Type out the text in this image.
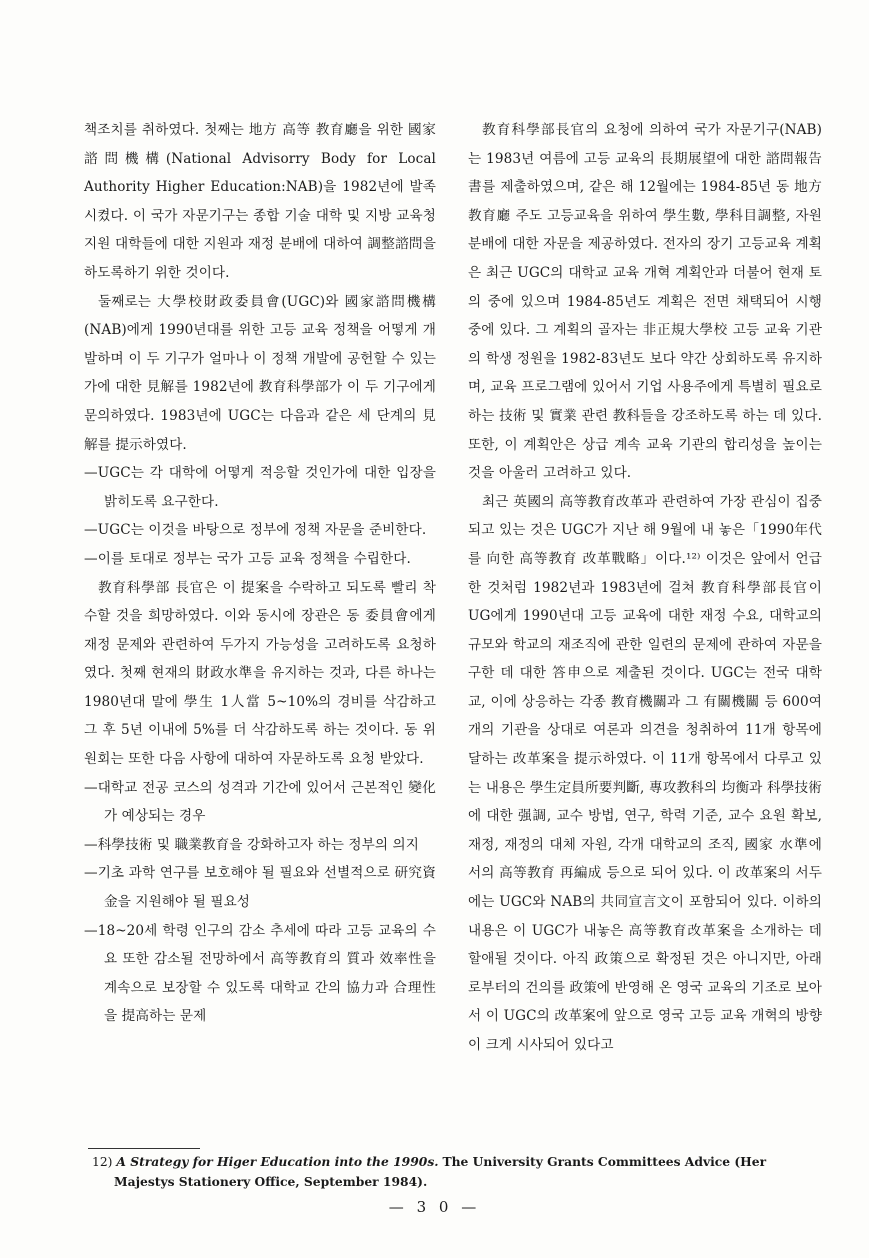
책조치를 취하였다. 첫째는 地方 高等 教育廳을 위한 國家諮問機構(National Advisorry Body for Local Authority Higher Education:NAB)을 1982년에 발족시켰다. 이 국가 자문기구는 종합 기술 대학 및 지방 교육청 지원 대학들에 대한 지원과 재정 분배에 대하여 調整諮問을 하도록하기 위한 것이다.

둘째로는 大學校財政委員會(UGC)와 國家諮問機構(NAB)에게 1990년대를 위한 고등 교육 정책을 어떻게 개발하며 이 두 기구가 얼마나 이 정책 개발에 공헌할 수 있는가에 대한 見解를 1982년에 教育科學部가 이 두 기구에게 문의하였다. 1983년에 UGC는 다음과 같은 세 단계의 見解를 提示하였다.

—UGC는 각 대학에 어떻게 적응할 것인가에 대한 입장을 밝히도록 요구한다.

—UGC는 이것을 바탕으로 정부에 정책 자문을 준비한다.

—이를 토대로 정부는 국가 고등 교육 정책을 수립한다.

教育科學部 長官은 이 提案을 수락하고 되도록 빨리 착수할 것을 희망하였다. 이와 동시에 장관은 동 委員會에게 재정 문제와 관련하여 두가지 가능성을 고려하도록 요청하였다. 첫째 현재의 財政水準을 유지하는 것과, 다른 하나는 1980년대 말에 學生 1人當 5~10%의 경비를 삭감하고 그 후 5년 이내에 5%를 더 삭감하도록 하는 것이다. 동 위원회는 또한 다음 사항에 대하여 자문하도록 요청 받았다.

—대학교 전공 코스의 성격과 기간에 있어서 근본적인 變化가 예상되는 경우

—科學技術 및 職業教育을 강화하고자 하는 정부의 의지

—기초 과학 연구를 보호해야 될 필요와 선별적으로 研究資金을 지원해야 될 필요성

—18~20세 학령 인구의 감소 추세에 따라 고등 교육의 수요 또한 감소될 전망하에서 高等教育의 質과 效率性을 계속으로 보장할 수 있도록 대학교 간의 協力과 合理性을 提高하는 문제

教育科學部長官의 요청에 의하여 국가 자문기구(NAB)는 1983년 여름에 고등 교육의 長期展望에 대한 諮問報告書를 제출하였으며, 같은 해 12월에는 1984-85년 동 地方教育廳 주도 고등교육을 위하여 學生數, 學科目調整, 자원 분배에 대한 자문을 제공하였다. 전자의 장기 고등교육 계획은 최근 UGC의 대학교 교육 개혁 계획안과 더불어 현재 토의 중에 있으며 1984-85년도 계획은 전면 채택되어 시행 중에 있다. 그 계획의 골자는 非正規大學校 고등 교육 기관의 학생 정원을 1982-83년도 보다 약간 상회하도록 유지하며, 교육 프로그램에 있어서 기업 사용주에게 특별히 필요로 하는 技術 및 實業 관련 教科들을 강조하도록 하는 데 있다. 또한, 이 계획안은 상급 계속 교육 기관의 합리성을 높이는 것을 아울러 고려하고 있다.

최근 英國의 高等教育改革과 관련하여 가장 관심이 집중되고 있는 것은 UGC가 지난 해 9월에 내 놓은「1990年代를 向한 高等教育 改革戰略」이다.¹²⁾ 이것은 앞에서 언급한 것처럼 1982년과 1983년에 걸쳐 教育科學部長官이 UG에게 1990년대 고등 교육에 대한 재정 수요, 대학교의 규모와 학교의 재조직에 관한 일련의 문제에 관하여 자문을 구한 데 대한 答申으로 제출된 것이다. UGC는 전국 대학교, 이에 상응하는 각종 教育機關과 그 有關機關 등 600여 개의 기관을 상대로 여론과 의견을 청취하여 11개 항목에 달하는 改革案을 提示하였다. 이 11개 항목에서 다루고 있는 내용은 學生定員所要判斷, 專攻教科의 均衡과 科學技術에 대한 强調, 교수 방법, 연구, 학력 기준, 교수 요원 확보, 재정, 재정의 대체 자원, 각개 대학교의 조직, 國家 水準에서의 高等教育 再編成 등으로 되어 있다. 이 改革案의 서두에는 UGC와 NAB의 共同宣言文이 포함되어 있다. 이하의 내용은 이 UGC가 내놓은 高等教育改革案을 소개하는 데 할애될 것이다. 아직 政策으로 확정된 것은 아니지만, 아래로부터의 건의를 政策에 반영해 온 영국 교육의 기조로 보아서 이 UGC의 改革案에 앞으로 영국 고등 교육 개혁의 방향이 크게 시사되어 있다고

12) A Strategy for Higer Education into the 1990s. The University Grants Committees Advice (Her
Majestys Stationery Office, September 1984).
— 3 0 —
